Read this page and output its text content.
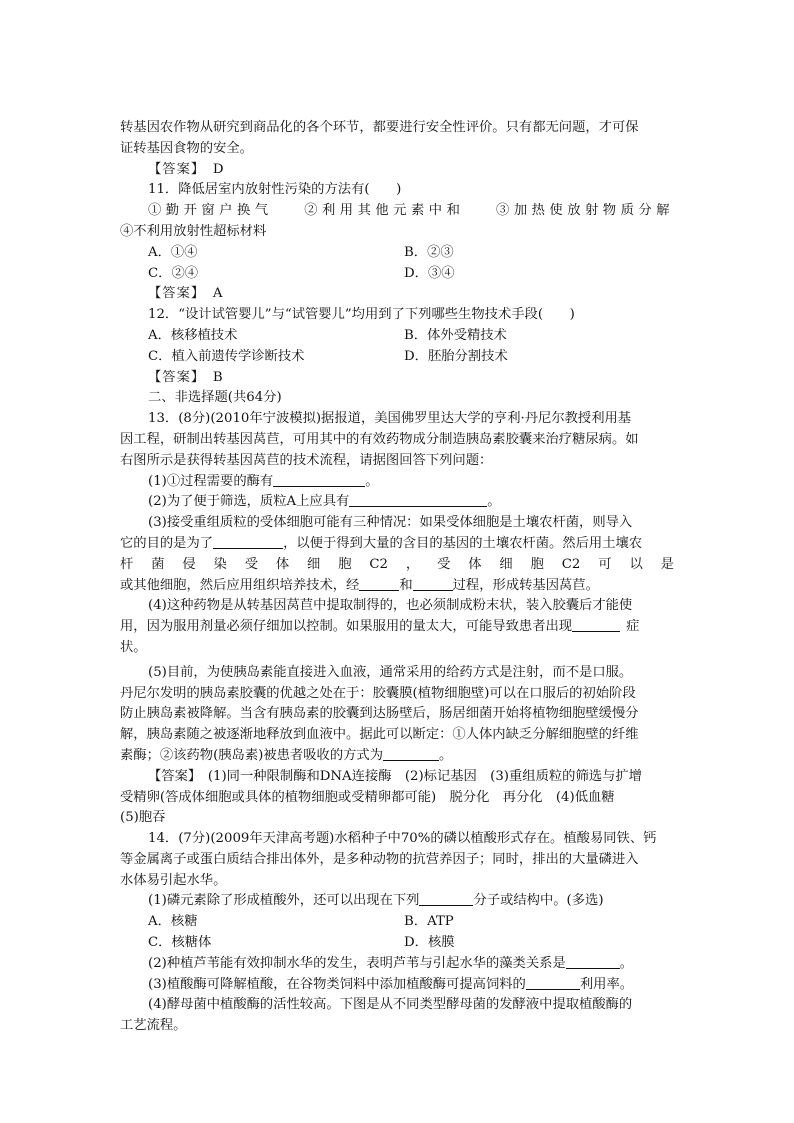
转基因农作物从研究到商品化的各个环节，都要进行安全性评价。只有都无问题，才可保
证转基因食物的安全。
【答案】　D
11．降低居室内放射性污染的方法有(　　)
①勤开窗户换气 ②利用其他元素中和 ③加热使放射物质分解
④不利用放射性超标材料
A．①④	B．②③
C．②④	D．③④
【答案】　A
12．“设计试管婴儿”与“试管婴儿”均用到了下列哪些生物技术手段(　　)
A．核移植技术	B．体外受精技术
C．植入前遗传学诊断技术	D．胚胎分割技术
【答案】　B
二、非选择题(共64分)
13．(8分)(2010年宁波模拟)据报道，美国佛罗里达大学的亨利·丹尼尔教授利用基
因工程，研制出转基因莴苣，可用其中的有效药物成分制造胰岛素胶囊来治疗糖尿病。如
右图所示是获得转基因莴苣的技术流程，请据图回答下列问题：
(1)①过程需要的酶有	。
(2)为了便于筛选，质粒A上应具有	。
(3)接受重组质粒的受体细胞可能有三种情况：如果受体细胞是土壤农杆菌，则导入
它的目的是为了	，以便于得到大量的含目的基因的土壤农杆菌。然后用土壤农
杆 菌 侵 染 受 体 细 胞 C2 ， 受 体 细 胞 C2 可 以 是
或其他细胞，然后应用组织培养技术，经	和	过程，形成转基因莴苣。
(4)这种药物是从转基因莴苣中提取制得的，也必须制成粉末状，装入胶囊后才能使
用，因为服用剂量必须仔细加以控制。如果服用的量太大，可能导致患者出现	症
状。
(5)目前，为使胰岛素能直接进入血液，通常采用的给药方式是注射，而不是口服。
丹尼尔发明的胰岛素胶囊的优越之处在于：胶囊膜(植物细胞壁)可以在口服后的初始阶段
防止胰岛素被降解。当含有胰岛素的胶囊到达肠壁后，肠居细菌开始将植物细胞壁缓慢分
解，胰岛素随之被逐渐地释放到血液中。据此可以断定：①人体内缺乏分解细胞壁的纤维
素酶；②该药物(胰岛素)被患者吸收的方式为	。
【答案】　(1)同一种限制酶和DNA连接酶　(2)标记基因　(3)重组质粒的筛选与扩增
受精卵(答成体细胞或具体的植物细胞或受精卵都可能)　脱分化　再分化　(4)低血糖
(5)胞吞
14．(7分)(2009年天津高考题)水稻种子中70%的磷以植酸形式存在。植酸易同铁、钙
等金属离子或蛋白质结合排出体外，是多种动物的抗营养因子；同时，排出的大量磷进入
水体易引起水华。
(1)磷元素除了形成植酸外，还可以出现在下列	分子或结构中。(多选)
A．核糖	B．ATP
C．核糖体	D．核膜
(2)种植芦苇能有效抑制水华的发生，表明芦苇与引起水华的藻类关系是	。
(3)植酸酶可降解植酸，在谷物类饲料中添加植酸酶可提高饲料的	利用率。
(4)酵母菌中植酸酶的活性较高。下图是从不同类型酵母菌的发酵液中提取植酸酶的
工艺流程。
